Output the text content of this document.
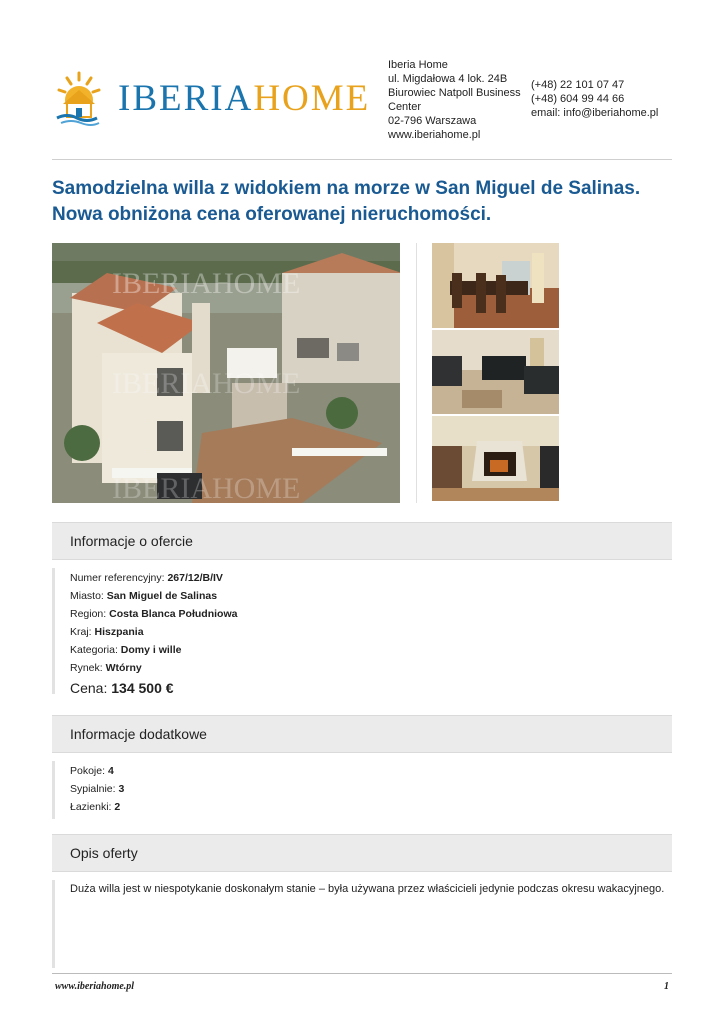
IBERIAHOME
Iberia Home
ul. Migdałowa 4 lok. 24B
Biurowiec Natpoll Business
Center
02-796 Warszawa
www.iberiahome.pl
(+48) 22 101 07 47
(+48) 604 99 44 66
email: info@iberiahome.pl
Samodzielna willa z widokiem na morze w San Miguel de Salinas.
Nowa obniżona cena oferowanej nieruchomości.
IBERIAHOME
IBERIAHOME
IBERIAHOME
Informacje o ofercie
Numer referencyjny: 267/12/B/IV
Miasto: San Miguel de Salinas
Region: Costa Blanca Południowa
Kraj: Hiszpania
Kategoria: Domy i wille
Rynek: Wtórny
Cena: 134 500 €
Informacje dodatkowe
Pokoje: 4
Sypialnie: 3
Łazienki: 2
Opis oferty
Duża willa jest w niespotykanie doskonałym stanie – była używana przez właścicieli jedynie podczas okresu wakacyjnego.
www.iberiahome.pl	1
